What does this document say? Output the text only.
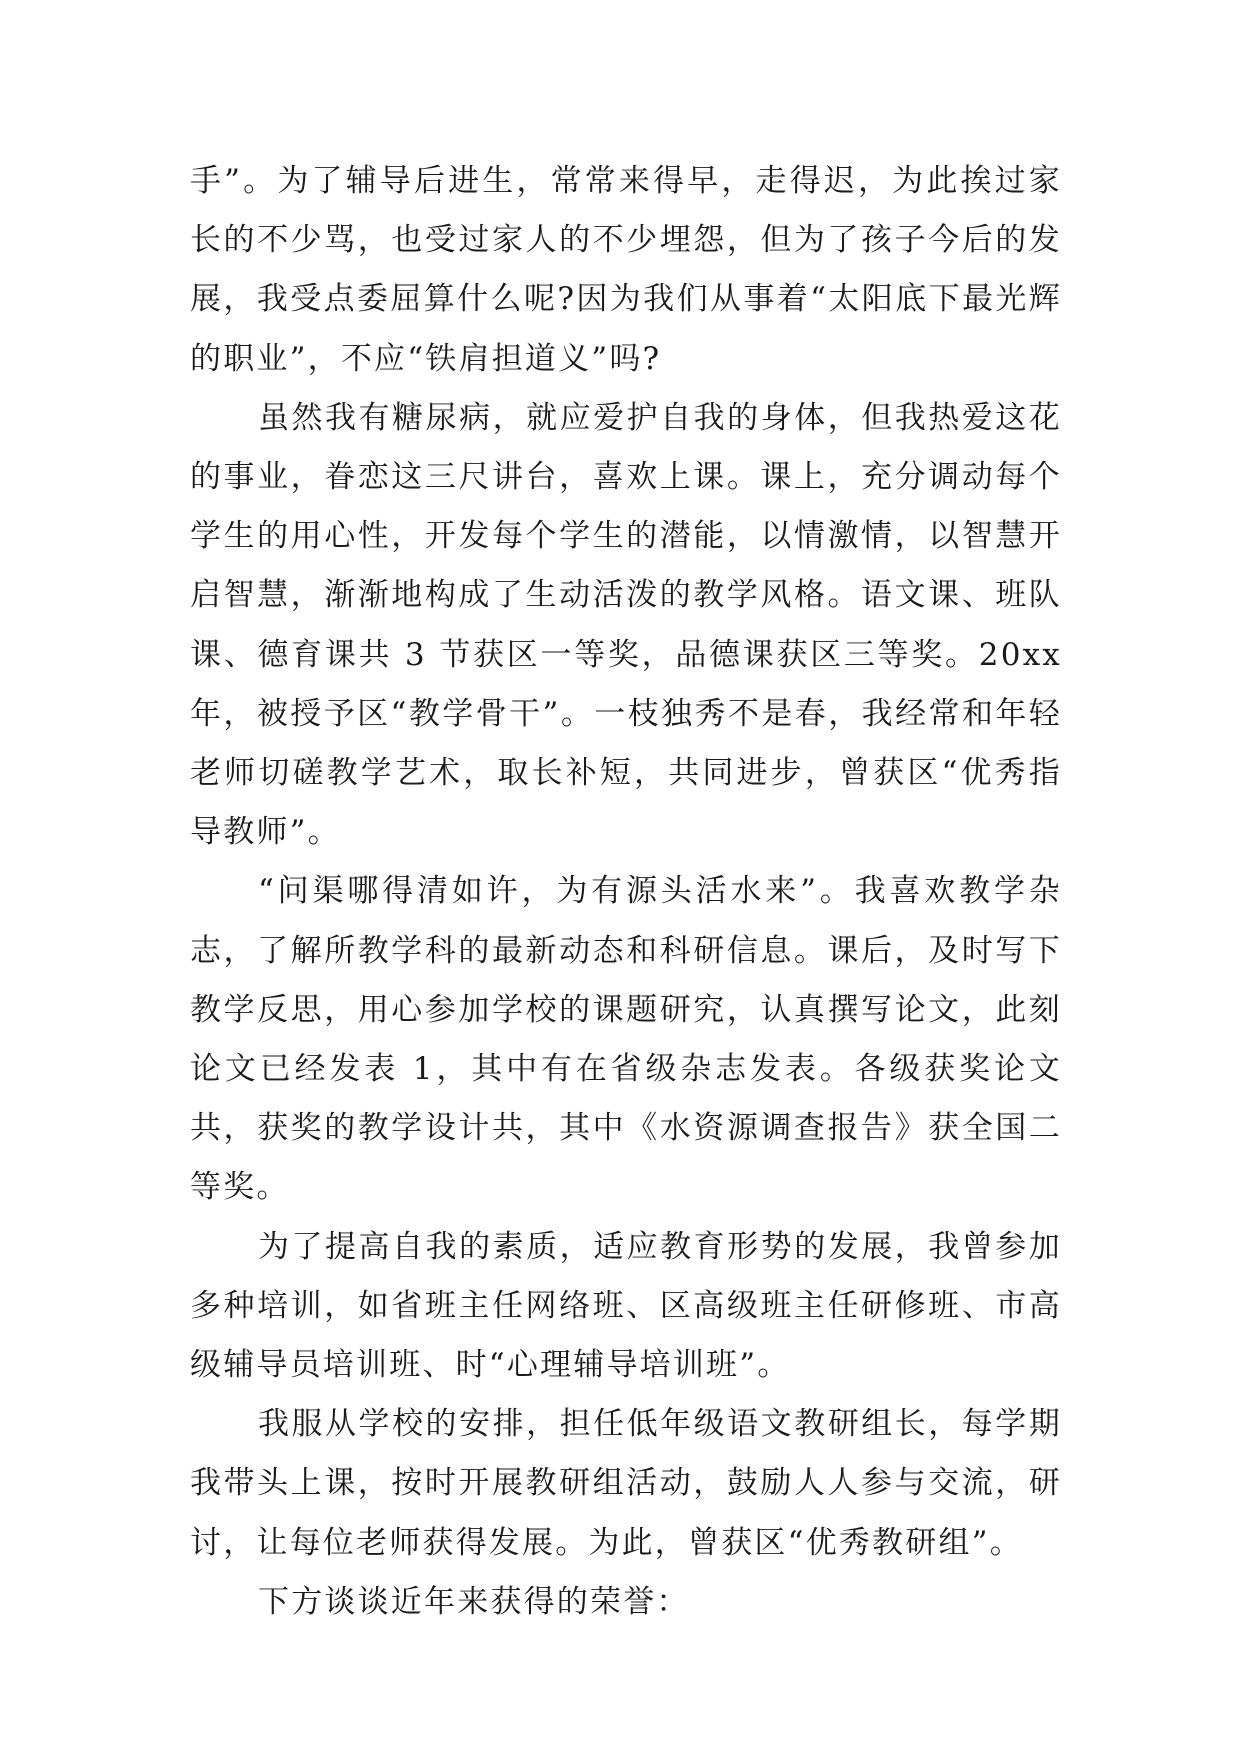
手”。为了辅导后进生，常常来得早，走得迟，为此挨过家长的不少骂，也受过家人的不少埋怨，但为了孩子今后的发展，我受点委屈算什么呢?因为我们从事着“太阳底下最光辉的职业”，不应“铁肩担道义”吗?

虽然我有糖尿病，就应爱护自我的身体，但我热爱这花的事业，眷恋这三尺讲台，喜欢上课。课上，充分调动每个学生的用心性，开发每个学生的潜能，以情激情，以智慧开启智慧，渐渐地构成了生动活泼的教学风格。语文课、班队课、德育课共 3 节获区一等奖，品德课获区三等奖。20xx 年，被授予区“教学骨干”。一枝独秀不是春，我经常和年轻老师切磋教学艺术，取长补短，共同进步，曾获区“优秀指导教师”。

“问渠哪得清如许，为有源头活水来”。我喜欢教学杂志，了解所教学科的最新动态和科研信息。课后，及时写下教学反思，用心参加学校的课题研究，认真撰写论文，此刻论文已经发表 1，其中有在省级杂志发表。各级获奖论文共，获奖的教学设计共，其中《水资源调查报告》获全国二等奖。

为了提高自我的素质，适应教育形势的发展，我曾参加多种培训，如省班主任网络班、区高级班主任研修班、市高级辅导员培训班、时“心理辅导培训班”。

我服从学校的安排，担任低年级语文教研组长，每学期我带头上课，按时开展教研组活动，鼓励人人参与交流，研讨，让每位老师获得发展。为此，曾获区“优秀教研组”。

下方谈谈近年来获得的荣誉：
